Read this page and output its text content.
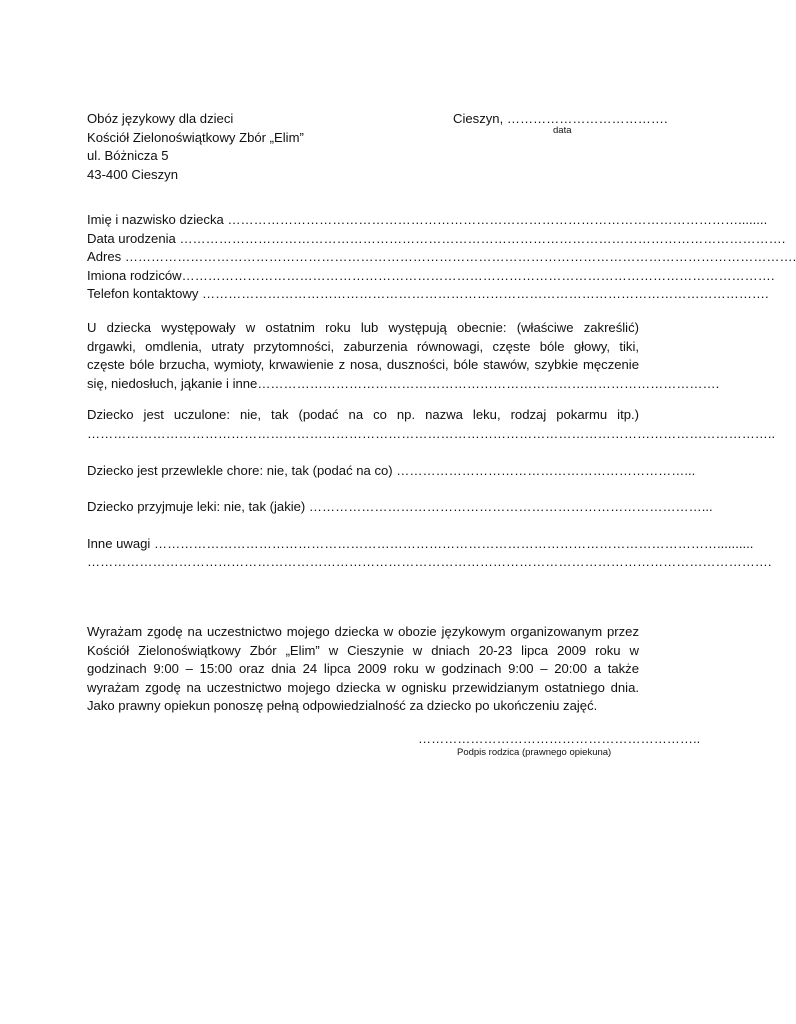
Obóz językowy dla dzieci
Kościół Zielonoświątkowy Zbór „Elim”
ul. Bóżnicza 5
43-400 Cieszyn
Cieszyn, ……………………………….
data
Imię i nazwisko dziecka ………………………………………………………………………………………………………........
Data urodzenia ………………………………………………………………………………………………………………………….
Adres ……………………………………………………………………………………………………………………………………….
Imiona rodziców……………………………………………………………………………………………………………………….
Telefon kontaktowy ………………………………………………………………………………………………………………….
U dziecka występowały w ostatnim roku lub występują obecnie: (właściwe zakreślić)
drgawki, omdlenia, utraty przytomności, zaburzenia równowagi, częste bóle głowy, tiki,
częste bóle brzucha, wymioty, krwawienie z nosa, duszności, bóle stawów, szybkie męczenie
się, niedosłuch, jąkanie i inne…………………………………………………………………………………………….
Dziecko jest uczulone: nie, tak (podać na co np. nazwa leku, rodzaj pokarmu itp.)
…………………………………………………………………………………………………………………………………………..
Dziecko jest przewlekle chore: nie, tak (podać na co) …………………………………………………………...
Dziecko przyjmuje leki: nie, tak (jakie) ………………………………………………………………………………...
Inne uwagi …………………………………………………………………………………………………………………..........
………………………………………………………………………………………………………………………………………….
Wyrażam zgodę na uczestnictwo mojego dziecka w obozie językowym organizowanym przez
Kościół Zielonoświątkowy Zbór „Elim” w Cieszynie w dniach 20-23 lipca 2009 roku w
godzinach 9:00 – 15:00 oraz dnia 24 lipca 2009 roku w godzinach 9:00 – 20:00 a także
wyrażam zgodę na uczestnictwo mojego dziecka w ognisku przewidzianym ostatniego dnia.
Jako prawny opiekun ponoszę pełną odpowiedzialność za dziecko po ukończeniu zajęć.
………………………………………………………..
Podpis rodzica (prawnego opiekuna)
